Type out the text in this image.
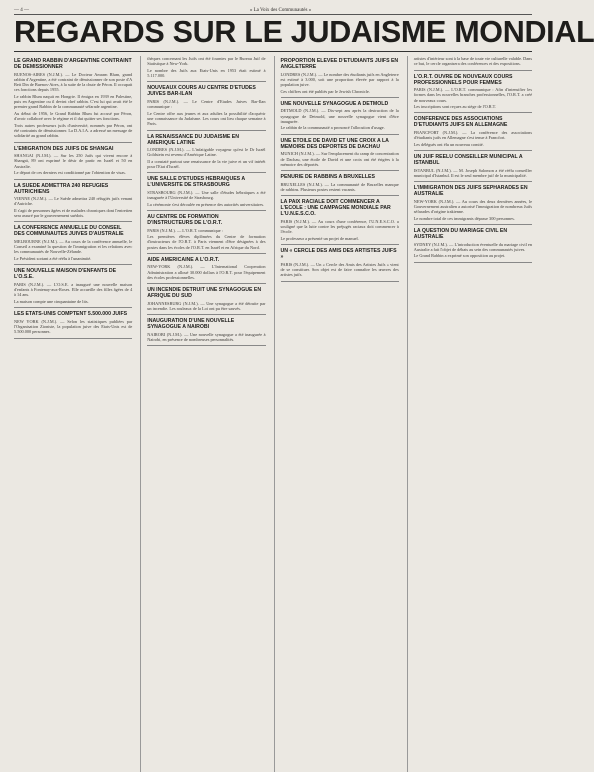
— 4 —	« La Voix des Communautés »
REGARDS SUR LE JUDAISME MONDIAL
LE GRAND RABBIN D'ARGENTINE CONTRAINT DE DEMISSIONNER

BUENOS-AIRES (N.J.M.). — Le Docteur Amram Blum, grand rabbin d'Argentine, a été contraint de démissionner de son poste d'A Beit Din de Buenos-Aires, à la suite de la chute de Péron. Il occupait ces fonctions depuis 1955.

Le rabbin Blum naquit en Hongrie. Il émigra en 1939 en Palestine, puis en Argentine ou il devint chef rabbin. C'est lui qui avait été le premier grand Rabbin de la communauté séfarade argentine.

Au début de 1956, le Grand Rabbin Blum fut accusé par Péron, d'avoir collaboré avec le régime et il dut quitter ses fonctions.

Trois autres professeurs juifs d'université, nommés par Péron, ont été contraints de démissionner. La D.A.I.A. a adressé un message de solidarité au grand rabbin.

L'EMIGRATION DES JUIFS DE SHANGAI

SHANGAI (N.J.M.). — Sur les 250 Juifs qui vivent encore à Shangaï, 89 ont exprimé le désir de partir en Israël et 50 en Australie.

Le départ de ces derniers est conditionné par l'obtention de visas.

LA SUEDE ADMETTRA 240 REFUGIES AUTRICHIENS

VIENNE (N.J.M.). — Le Suède admettra 240 réfugiés juifs venant d'Autriche.

Il s'agit de personnes âgées et de malades chroniques dont l'entretien sera assuré par le gouvernement suédois.

LA CONFERENCE ANNUELLE DU CONSEIL DES COMMUNAUTES JUIVES D'AUSTRALIE

MELBOURNE (N.J.M.). — Au cours de la conférence annuelle, le Conseil a examiné la question de l'immigration et les relations avec les communautés de Nouvelle-Zélande.

Le Président sortant a été réélu à l'unanimité.

UNE NOUVELLE MAISON D'ENFANTS DE L'O.S.E.

PARIS (N.J.M.). — L'O.S.E. a inauguré une nouvelle maison d'enfants à Fontenay-aux-Roses. Elle accueille des filles âgées de 4 à 14 ans.

La maison compte une cinquantaine de lits.

LES ETATS-UNIS COMPTENT 5.500.000 JUIFS

NEW YORK (N.J.M.). — Selon les statistiques publiées par l'Organisation Zioniste, la population juive des Etats-Unis est de 5.500.000 personnes.

thèques concernant les Juifs ont été fournies par le Bureau Juif de Statistique à New-York.

Le nombre des Juifs aux Etats-Unis en 1953 était estimé à 5.117.000.

NOUVEAUX COURS AU CENTRE D'ETUDES JUIVES BAR-ILAN

PARIS (N.J.M.). — Le Centre d'Etudes Juives Bar-Ilan communique :

Le Centre offre aux jeunes et aux adultes la possibilité d'acquérir une connaissance du Judaïsme. Les cours ont lieu chaque semaine à Paris.

LA RENAISSANCE DU JUDAISME EN AMERIQUE LATINE

LONDRES (N.J.M.). — L'infatigable voyageur qu'est le Dr Israël Goldstein est revenu d'Amérique Latine.

Il a constaté partout une renaissance de la vie juive et un vif intérêt pour l'Etat d'Israël.

UNE SALLE D'ETUDES HEBRAIQUES A L'UNIVERSITE DE STRASBOURG

STRASBOURG (N.J.M.). — Une salle d'études hébraïques a été inaugurée à l'Université de Strasbourg.

La cérémonie s'est déroulée en présence des autorités universitaires.

AU CENTRE DE FORMATION D'INSTRUCTEURS DE L'O.R.T.

PARIS (N.J.M.). — L'O.R.T. communique :

Les premières élèves diplômées du Centre de formation d'instructeurs de l'O.R.T. à Paris viennent d'être désignées à des postes dans les écoles de l'O.R.T. en Israël et en Afrique du Nord.

AIDE AMERICAINE A L'O.R.T.

NEW-YORK (N.J.M.). — L'International Cooperation Administration a alloué 30.000 dollars à l'O.R.T. pour l'équipement des écoles professionnelles.

UN INCENDIE DETRUIT UNE SYNAGOGUE EN AFRIQUE DU SUD

JOHANNESBURG (N.J.M.). — Une synagogue a été détruite par un incendie. Les rouleaux de la Loi ont pu être sauvés.

INAUGURATION D'UNE NOUVELLE SYNAGOGUE A NAIROBI

NAIROBI (N.J.M.). — Une nouvelle synagogue a été inaugurée à Nairobi, en présence de nombreuses personnalités.

PROPORTION ELEVEE D'ETUDIANTS JUIFS EN ANGLETERRE

LONDRES (N.J.M.). — Le nombre des étudiants juifs en Angleterre est estimé à 3.000, soit une proportion élevée par rapport à la population juive.

Ces chiffres ont été publiés par le Jewish Chronicle.

UNE NOUVELLE SYNAGOGUE A DETMOLD

DETMOLD (N.J.M.). — Dix-sept ans après la destruction de la synagogue de Detmold, une nouvelle synagogue vient d'être inaugurée.

Le rabbin de la communauté a prononcé l'allocution d'usage.

UNE ETOILE DE DAVID ET UNE CROIX A LA MEMOIRE DES DEPORTES DE DACHAU

MUNICH (N.J.M.). — Sur l'emplacement du camp de concentration de Dachau, une étoile de David et une croix ont été érigées à la mémoire des déportés.

PENURIE DE RABBINS A BRUXELLES

BRUXELLES (N.J.M.). — La communauté de Bruxelles manque de rabbins. Plusieurs postes restent vacants.

LA PAIX RACIALE DOIT COMMENCER A L'ECOLE : UNE CAMPAGNE MONDIALE PAR L'U.N.E.S.C.O.

PARIS (N.J.M.). — Au cours d'une conférence, l'U.N.E.S.C.O. a souligné que la lutte contre les préjugés raciaux doit commencer à l'école.

Le professeur a présenté un projet de manuel.

UN « CERCLE DES AMIS DES ARTISTES JUIFS »

PARIS (N.J.M.). — Un « Cercle des Amis des Artistes Juifs » vient de se constituer. Son objet est de faire connaître les œuvres des artistes juifs.

artistes d'intérieur sont à la base de toute vie culturelle valable. Dans ce but, le cercle organisera des conférences et des expositions.

L'O.R.T. OUVRE DE NOUVEAUX COURS PROFESSIONNELS POUR FEMMES

PARIS (N.J.M.). — L'O.R.T. communique : Afin d'intensifier les formes dans les nouvelles branches professionnelles, l'O.R.T. a créé de nouveaux cours.

Les inscriptions sont reçues au siège de l'O.R.T.

CONFERENCE DES ASSOCIATIONS D'ETUDIANTS JUIFS EN ALLEMAGNE

FRANCFORT (N.J.M.). — La conférence des associations d'étudiants juifs en Allemagne s'est tenue à Francfort.

Les délégués ont élu un nouveau comité.

UN JUIF REELU CONSEILLER MUNICIPAL A ISTANBUL

ISTANBUL (N.J.M.). — M. Joseph Salomon a été réélu conseiller municipal d'Istanbul. Il est le seul membre juif de la municipalité.

L'IMMIGRATION DES JUIFS SEPHARADES EN AUSTRALIE

NEW-YORK (N.J.M.). — Au cours des deux dernières années, le Gouvernement australien a autorisé l'immigration de nombreux Juifs séfarades d'origine irakienne.

Le nombre total de ces immigrants dépasse 300 personnes.

LA QUESTION DU MARIAGE CIVIL EN AUSTRALIE

SYDNEY (N.J.M.). — L'introduction éventuelle du mariage civil en Australie a fait l'objet de débats au sein des communautés juives.

Le Grand Rabbin a exprimé son opposition au projet.
